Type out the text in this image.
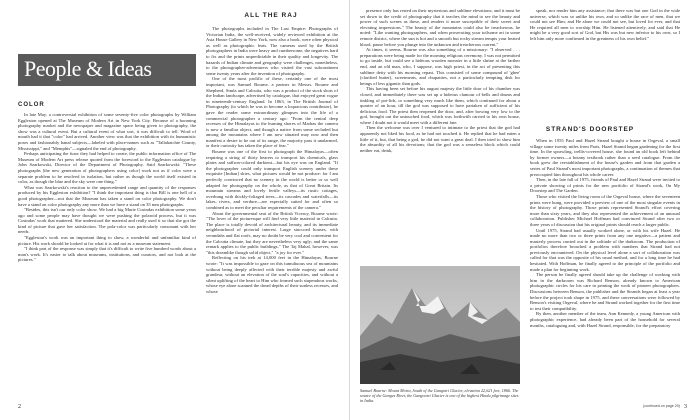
People & Ideas
COLOR

In late May, a controversial exhibition of some seventy-five color photographs by William Eggleston opened at The Museum of Modern Art in New York City. Because of a booming photography market and the newspaper and magazine space being given to photography, the show was a cultural event. But a cultural event of what sort, it was difficult to tell. Word of mouth had it that "color" had arrived. Another view was that the exhibition with its humanistic poses and fashionably banal subjects—labeled with place-names such as "Tallahatchie County, Mississippi," and "Memphis"—signaled the end of photography.

Perhaps anticipating the furor they had helped to create, the public information office of The Museum of Modern Art press release quoted from the foreword to the Eggleston catalogue by John Szarkowski, Director of the Department of Photography. Said Szarkowski: "These photographs [the new generation of photographers using color] work not as if color were a separate problem to be resolved in isolation, but rather as though the world itself existed in color, as though the blue and the sky were one thing."

What was Szarkowski's reaction to the unprecedented range and quantity of the responses produced by his Eggleston exhibition? "I think the important thing is that Bill is one hell of a good photographer—not that the Museum has taken a stand on color photography. We don't have a stand on color photography any more than we have a stand on 35 mm photographs.

"Besides, this isn't our only color show. We had a big Marie Cosindas exhibition some years ago and some people may have thought we were pushing the polaroid process, but it was Cosindas' work that mattered. She understood the material and really used it so that she got the kind of picture that gave her satisfaction. The pola-color was particularly consonant with her needs.

"Eggleston's work was an important thing to show, a wonderful and unfamiliar kind of picture. His work should be looked at for what it is and not as a museum statement.

"I think part of the response was simply that it's difficult to write five hundred words about a man's work. It's easier to talk about museums, institutions, and curators, and not look at the pictures."

ALL THE RAJ

The photographs included in The Last Empire: Photographs of Victorian India, the well-received, widely reviewed exhibition at the Asia House Gallery in New York, now also a book, were often physical as well as photographic feats. The cameras used by the British photographers in India were heavy and cumbersome, the negatives hard to fix and the prints unpredictable in their quality and longevity. The hazards of Indian climate and geography were challenges, nonetheless, to the photographer-adventurers who visited the vast subcontinent some twenty years after the invention of photography.

One of the most prolific of these, certainly one of the most important, was Samuel Bourne, a partner in Messrs. Bourne and Shepherd, Simla and Calcutta, who was a product of the stock shots of the Indian landscape, advertised by catalogue, that enjoyed great vogue in nineteenth-century England. In 1863, in The British Journal of Photography (to which he was to become a loquacious contributor), he gave the reader some extraordinary glimpses into the life of a commercial photographer a century ago: "From the central deep recesses of the Himalayas to the burning shores of Madras the camera is now a familiar object, and though a native from some secluded hut among the mountains where I am now situated may now and then manifest a desire to be out of its range, the majority pass it unalarmed, or their curiosity has taken the place of fear."

Bourne was one of the first to photograph the Himalayas—often requiring a string of thirty bearers to transport his chemicals, glass plates and saffron-colored darktent—but his eye was on England. "If the photographer could only transport English scenery under these exquisite [Indian] skies, what pictures would he not produce: for I am perfectly convinced that no scenery in the world is better or so well adapted for photography on the whole, as that of Great Britain. Its mountain streams and lovely fertile valleys—its rustic cottages, overhung with thickly-foliaged trees—its cascades and waterfalls—its lakes, rivers, and verdure—are especially suited for and often so combined as to meet the peculiar requirements of the camera."

About the governmental seat of the British Viceroy, Bourne wrote: "The lover of the picturesque will find very little material in Calcutta. The place is totally devoid of architectural beauty, and its immediate neighbourhood of pictorial interest. Large stuccoed houses, with verandahs and flat roofs, may no doubt be very cool and convenient for the Calcutta climate, but they are nevertheless very ugly; and the same remark applies to the public buildings." The Taj Mahal, however, was "this dreamlike though solid object," "a joy for ever."

Reflecting on his trek at 14,000 feet in the Himalayas, Bourne wrote: "It was impossible to gaze on this tumultuous sea of mountains without being deeply affected with their terrible majesty and awful grandeur, without an elevation of the soul's capacities, and without a silent uplifting of the heart to Him who formed such stupendous works, whose eye alone scanned the dread depths of their sunless recesses, and whose

presence only has rested on their mysterious and sublime elevations; and it must be set down to the credit of photography that it teaches the mind to see the beauty and power of such scenes as these, and renders it more susceptible of their sweet and elevating impressions." The beauty of the mountains could also be treacherous, he noted: "Like wanting photographers, and when prosecuting your toilsome art in some remote district, where the sun is hot and a smooth but rocky stream tempts your heated blood, pause before you plunge into the unknown and treacherous current."

At times, it seems, Bourne was also something of a missionary: "I observed . . . preparations were being made for the morning religious ceremony. I was not permitted to go inside, but could see a hideous wooden monster in a little shrine at the farther end, and an old man, who, I suppose, was high priest, in the act of presenting this sublime deity with his morning repast. This consisted of some compound of 'ghee' (clarified butter), sweetmeats, and chupatties, not a particularly tempting dish for beings of less gigantic than gods.

This having been set before his august majesty the little door of his chamber was closed, and immediately there was set up a hideous clamour of bells and drums and tinkling of pot-lids, or something very much like them, which continued for about a quarter of an hour, till the god was supposed to have partaken of sufficient of his delicious food. The priest then reopened the door, and, after bowing very low to the god, brought out the untouched food, which was forthwith carried to his own house, where I doubt not it would meet with a different fate.

Then the welcome was over I ventured to intimate to the priest that the god had apparently not liked his food, as he had not touched it. He replied that he had eaten a little of it, but, that being a god, he did not want a great deal. I then tried to show him the absurdity of all his devotions; that the god was a senseless block which could neither eat, drink,

Samuel Bourne: Mount Moira, South of the Gangotri Glacier, elevation 22,621 feet, 1866. The source of the Ganges River, the Gangootri Glacier is one of the highest Hindu pilgrimage sites in India.

speak, nor render him any assistance; that there was but one God in the wide universe, which was so unlike his own, and so unlike the race of men, that we could not see Him; and He alone we could not see, but loved for ever, and that He required all men to worship Him. He listened attentively, and said that He might be a very good sort of God, but His was but new inferior to his own, so I left him only more confirmed in the greatness of his own belief."

STRAND'S DOORSTEP

When in 1955 Paul and Hazel Strand bought a house in Orgeval, a small village some twenty miles from Paris, Hazel Strand began gardening for the first time. In the sprawling, trellis-covered house, she found an old book left behind by former owners—a botany textbook rather than a seed catalogue. From the book grew the reestablishment of the house's garden and from that garden a series of Paul Strand's most important photographs, a continuation of themes that preoccupied him throughout his whole career.

Then, in the late fall of 1975, friends of Paul and Hazel Strand were invited to a private showing of prints for the new portfolio of Strand's work, On My Doorstep and The Garden.

Those who visited the living room of the Orgeval house, where the seventeen prints were hung, were provided a preview of one of the most singular events in the history of photography. Those prints represented Strand's effort covering more than sixty years, and they also represented the achievement of an unusual collaboration. Publisher Michael Hoffman had convinced Strand after two or three years of discussion that his original prints should reach a larger public.

Until 1975, Strand had usually worked alone, or with his wife Hazel. He made no more than two or three prints from any one negative—a patient and masterly process carried out in the solitude of the darkroom. The production of portfolios therefore broached a problem with numbers that Strand had not previously encountered. On the physical level alone a sort of collaboration was called for that was the opposite of his usual method, and for a long time he had hesitated. With Hoffman, he finally agreed to the principle of the portfolio and made a plan for beginning work.

The person he finally agreed should take up the challenge of working with him in the darkroom was Richard Benson, already known to American photographic circles for his care in printing the work of pioneer photographers. Discussions between Benson, the publisher and the Strands began at least a year before the project took shape in 1975, and these conversations were followed by Benson's visiting Orgeval, where he and Strand worked together for the first time to test their compatibility.

By then, another member of the team, Ann Kennedy, a young American with photographic experience, had already been part of the household for several months, cataloguing and, with Hazel Strand, responsible, for the preparatory

2	(continued on page 29) 3
